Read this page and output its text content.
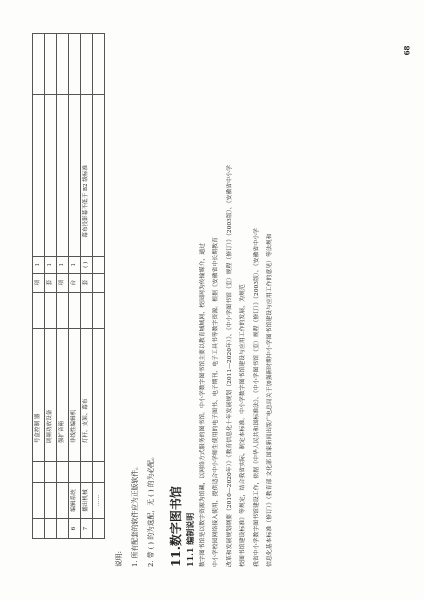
68
			号盒控制 器		项	1		
			调频功放设备		套	1		
			强扩音箱		项	1		
6	编辑系统		非线性编辑机		台	1		
7	播出机械		灯杆、支架、幕布		套	( )	幕布投影幕不低于 B2 级标准	
	……							
说明:	1. 所有配套的软件应为正版软件。	2. 带 ( ) 的为选配，无 ( ) 的为必配。	11.数字图书馆 11.1 编制说明 数字图书馆是以数字资源为馆藏，以网络方式服务的图书馆。中小学数字图书馆主要以教育城域网、校园网为传输媒介，通过	中小学校园网络接入使用，提供适合中小学师生使用的电子图书、电子期刊、电子工具书等数字资源。根据《安徽省中长期教育	改革和发展规划纲要（2010—2020年）》《教育信息化十年发展规划（2011—2020年）》、《中小学图书馆（室）规程（修订）》（2003版）、《安徽省中小学	校图书馆建设标准》等规定，结合我省实际，制定本标准。中小学数字图书馆建设与应用工作的发展，为规范	我省中小学数字图书馆建设工作，依据《中华人民共和国标准法》、《中小学图书馆（室）规程（修订）》（2003版）、《安徽省中小学	信息化基本标准（修订）》（教育部 文化部 国家新闻出版广电总局关于加强新时期中小学图书馆建设与应用工作的意见）等法规和
